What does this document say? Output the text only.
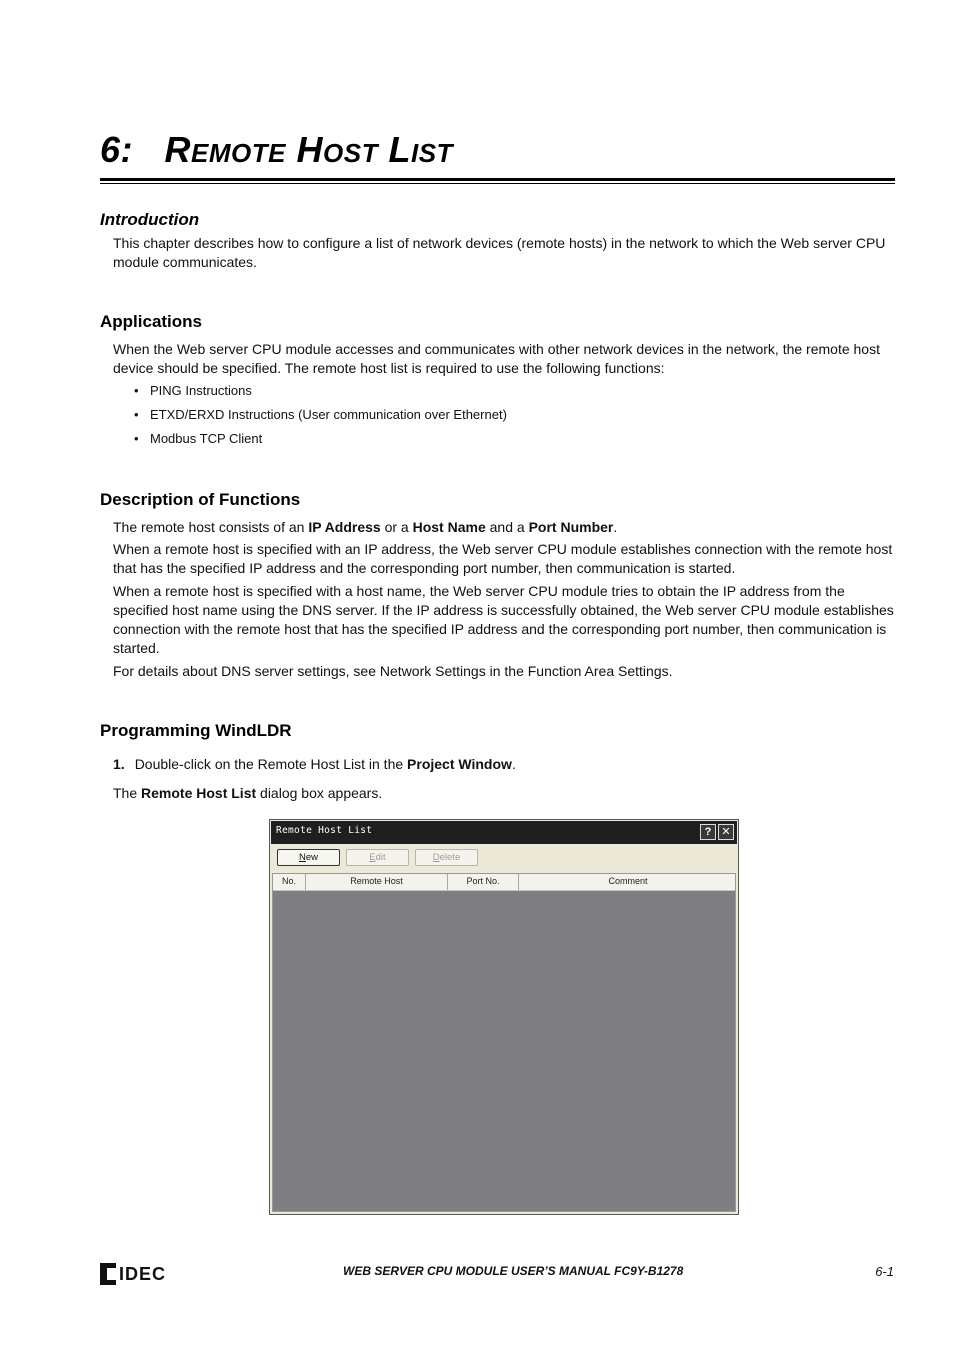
6: REMOTE HOST LIST
Introduction

This chapter describes how to configure a list of network devices (remote hosts) in the network to which the Web server CPU module communicates.

Applications

When the Web server CPU module accesses and communicates with other network devices in the network, the remote host device should be specified. The remote host list is required to use the following functions:

• PING Instructions
• ETXD/ERXD Instructions (User communication over Ethernet)
• Modbus TCP Client
Description of Functions

The remote host consists of an IP Address or a Host Name and a Port Number.

When a remote host is specified with an IP address, the Web server CPU module establishes connection with the remote host that has the specified IP address and the corresponding port number, then communication is started.

When a remote host is specified with a host name, the Web server CPU module tries to obtain the IP address from the specified host name using the DNS server. If the IP address is successfully obtained, the Web server CPU module establishes connection with the remote host that has the specified IP address and the corresponding port number, then communication is started.

For details about DNS server settings, see Network Settings in the Function Area Settings.

Programming WindLDR

1. Double-click on the Remote Host List in the Project Window.

The Remote Host List dialog box appears.

Remote Host List	? ✕
New	Edit	Delete
No.	Remote Host	Port No.	Comment
IDEC	WEB SERVER CPU MODULE USER’S MANUAL FC9Y-B1278	6-1
